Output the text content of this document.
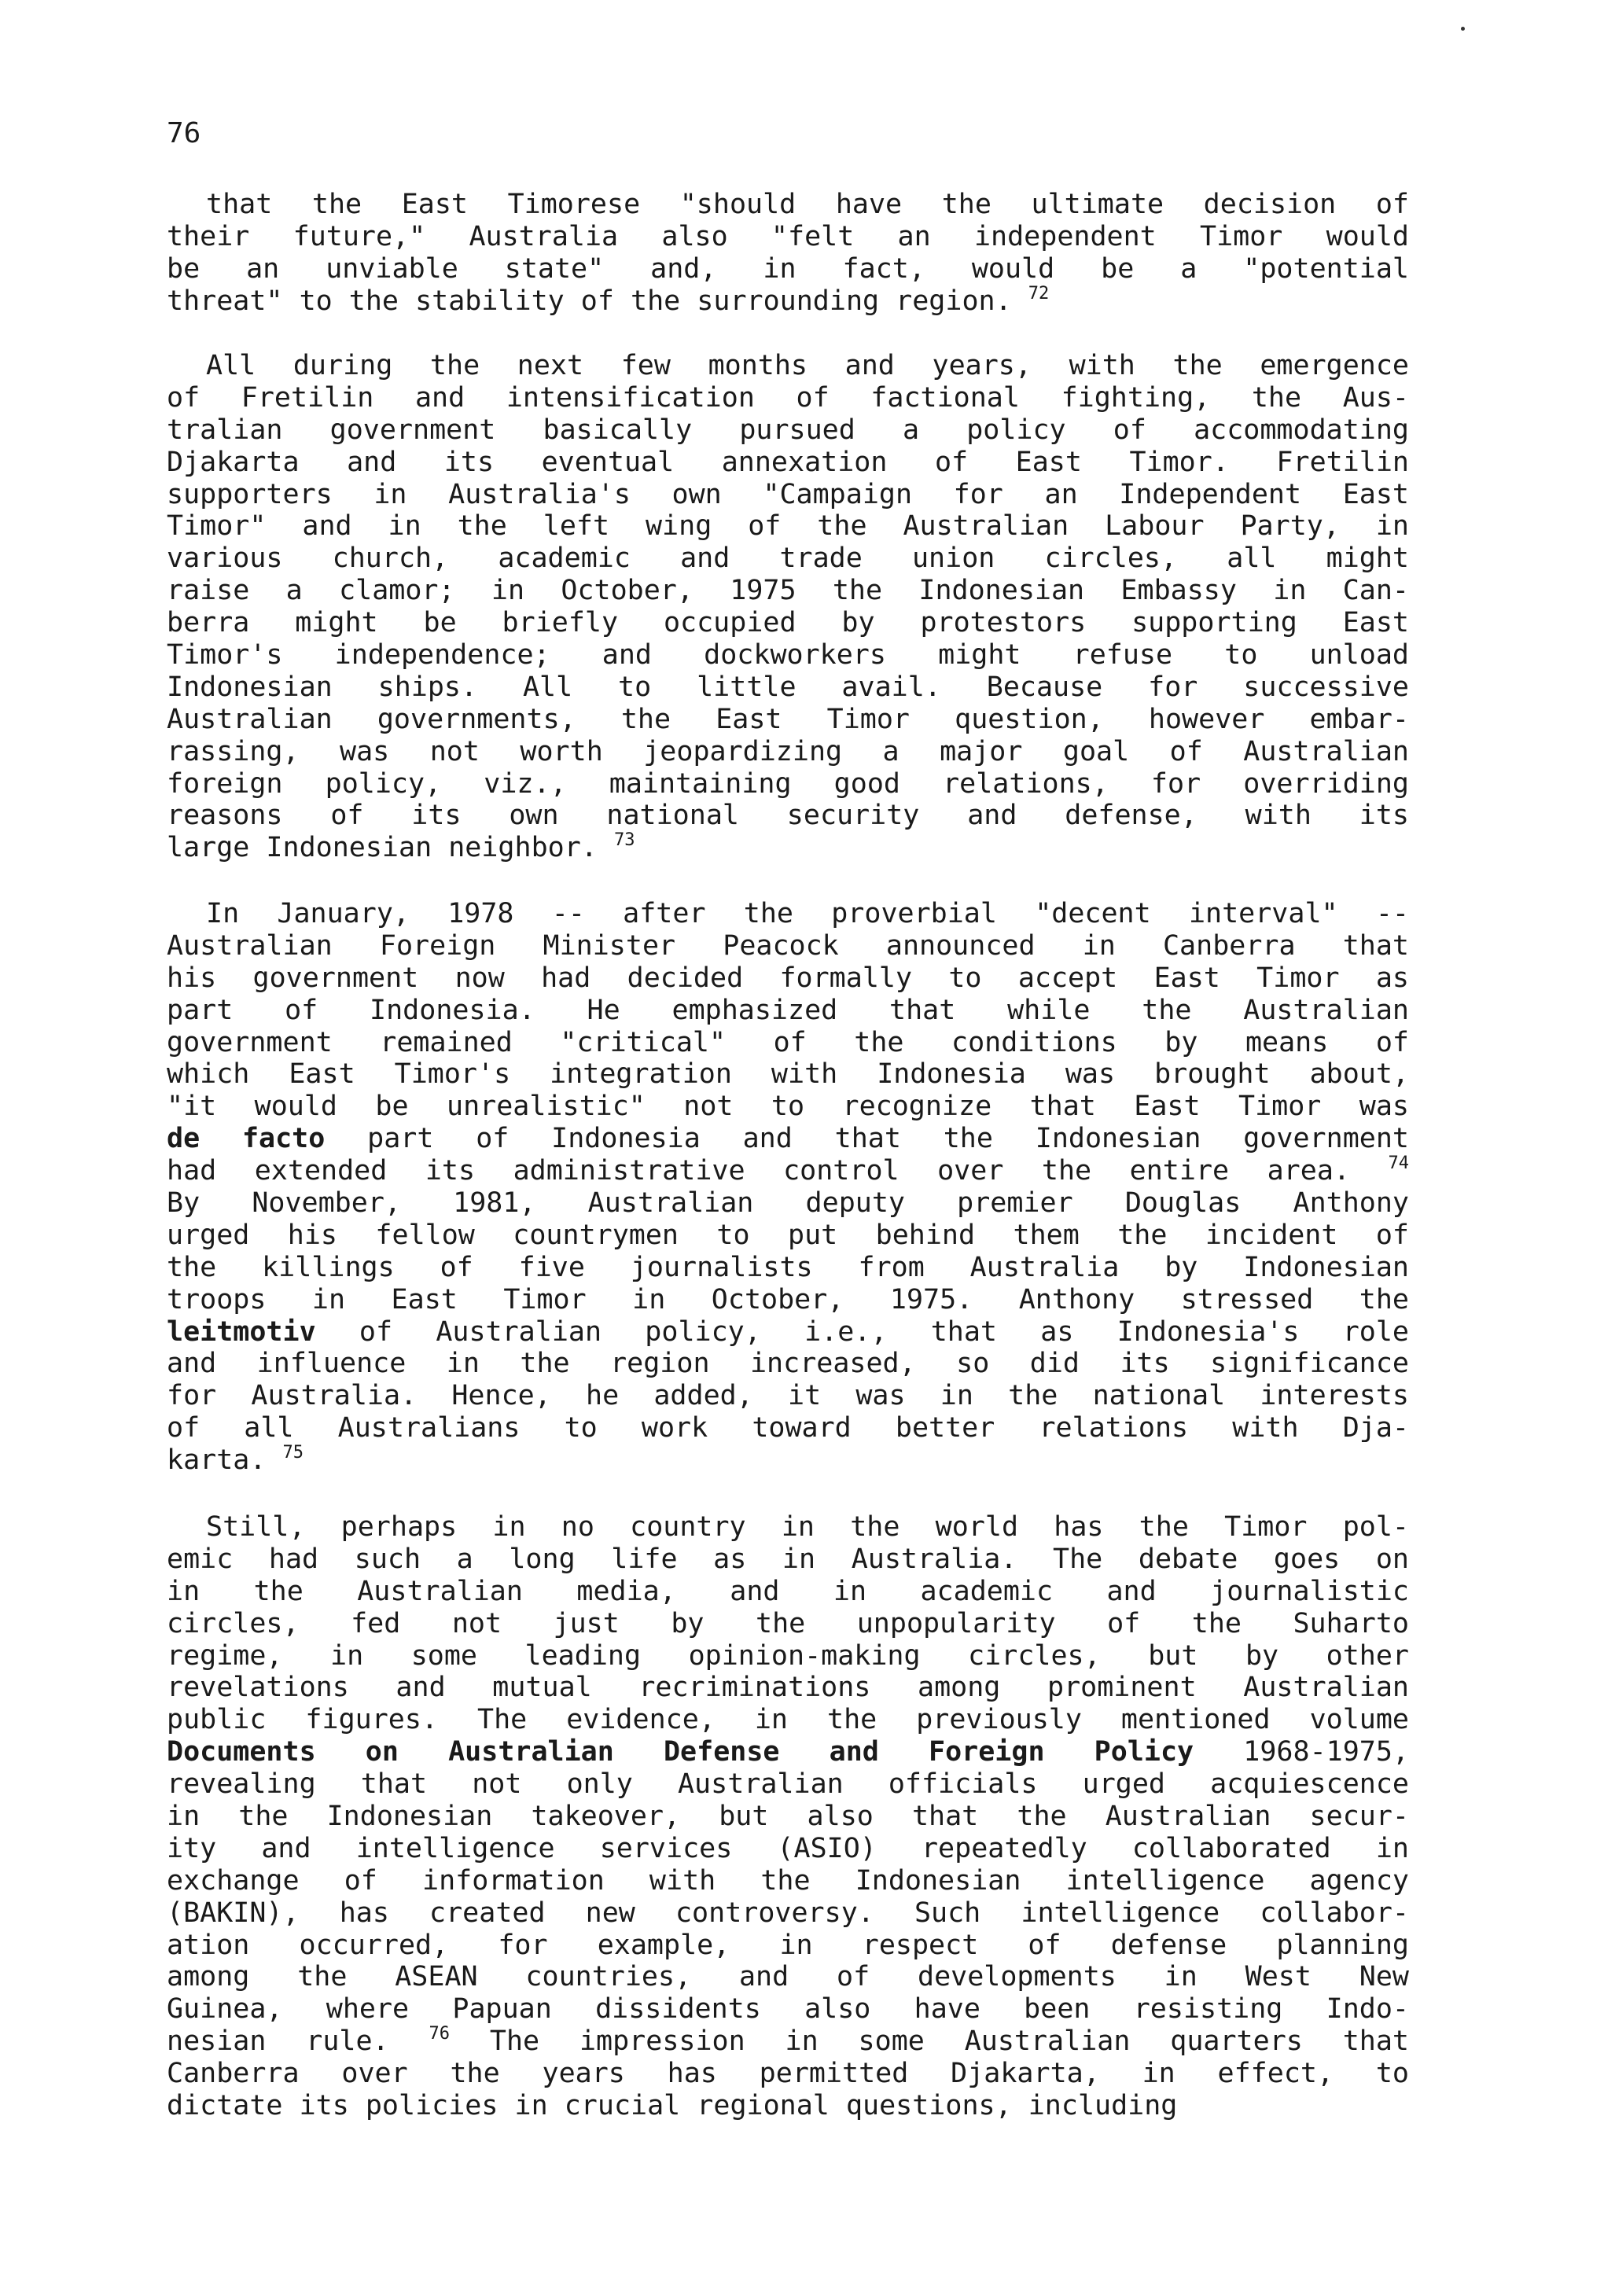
76
that the East Timorese "should have the ultimate decision of
their future," Australia also "felt an independent Timor would
be an unviable state" and, in fact, would be a "potential
threat" to the stability of the surrounding region. $^{72}$
All during the next few months and years, with the emergence
of Fretilin and intensification of factional fighting, the Aus-
tralian government basically pursued a policy of accommodating
Djakarta and its eventual annexation of East Timor. Fretilin
supporters in Australia's own "Campaign for an Independent East
Timor" and in the left wing of the Australian Labour Party, in
various church, academic and trade union circles, all might
raise a clamor; in October, 1975 the Indonesian Embassy in Can-
berra might be briefly occupied by protestors supporting East
Timor's independence; and dockworkers might refuse to unload
Indonesian ships. All to little avail. Because for successive
Australian governments, the East Timor question, however embar-
rassing, was not worth jeopardizing a major goal of Australian
foreign policy, viz., maintaining good relations, for overriding
reasons of its own national security and defense, with its
large Indonesian neighbor. $^{73}$
In January, 1978 -- after the proverbial "decent interval" --
Australian Foreign Minister Peacock announced in Canberra that
his government now had decided formally to accept East Timor as
part of Indonesia. He emphasized that while the Australian
government remained "critical" of the conditions by means of
which East Timor's integration with Indonesia was brought about,
"it would be unrealistic" not to recognize that East Timor was
de facto part of Indonesia and that the Indonesian government
had extended its administrative control over the entire area. $^{74}$
By November, 1981, Australian deputy premier Douglas Anthony
urged his fellow countrymen to put behind them the incident of
the killings of five journalists from Australia by Indonesian
troops in East Timor in October, 1975. Anthony stressed the
leitmotiv of Australian policy, i.e., that as Indonesia's role
and influence in the region increased, so did its significance
for Australia. Hence, he added, it was in the national interests
of all Australians to work toward better relations with Dja-
karta. $^{75}$
Still, perhaps in no country in the world has the Timor pol-
emic had such a long life as in Australia. The debate goes on
in the Australian media, and in academic and journalistic
circles, fed not just by the unpopularity of the Suharto
regime, in some leading opinion-making circles, but by other
revelations and mutual recriminations among prominent Australian
public figures. The evidence, in the previously mentioned volume
Documents on Australian Defense and Foreign Policy 1968-1975,
revealing that not only Australian officials urged acquiescence
in the Indonesian takeover, but also that the Australian secur-
ity and intelligence services (ASIO) repeatedly collaborated in
exchange of information with the Indonesian intelligence agency
(BAKIN), has created new controversy. Such intelligence collabor-
ation occurred, for example, in respect of defense planning
among the ASEAN countries, and of developments in West New
Guinea, where Papuan dissidents also have been resisting Indo-
nesian rule. $^{76}$ The impression in some Australian quarters that
Canberra over the years has permitted Djakarta, in effect, to
dictate its policies in crucial regional questions, including
